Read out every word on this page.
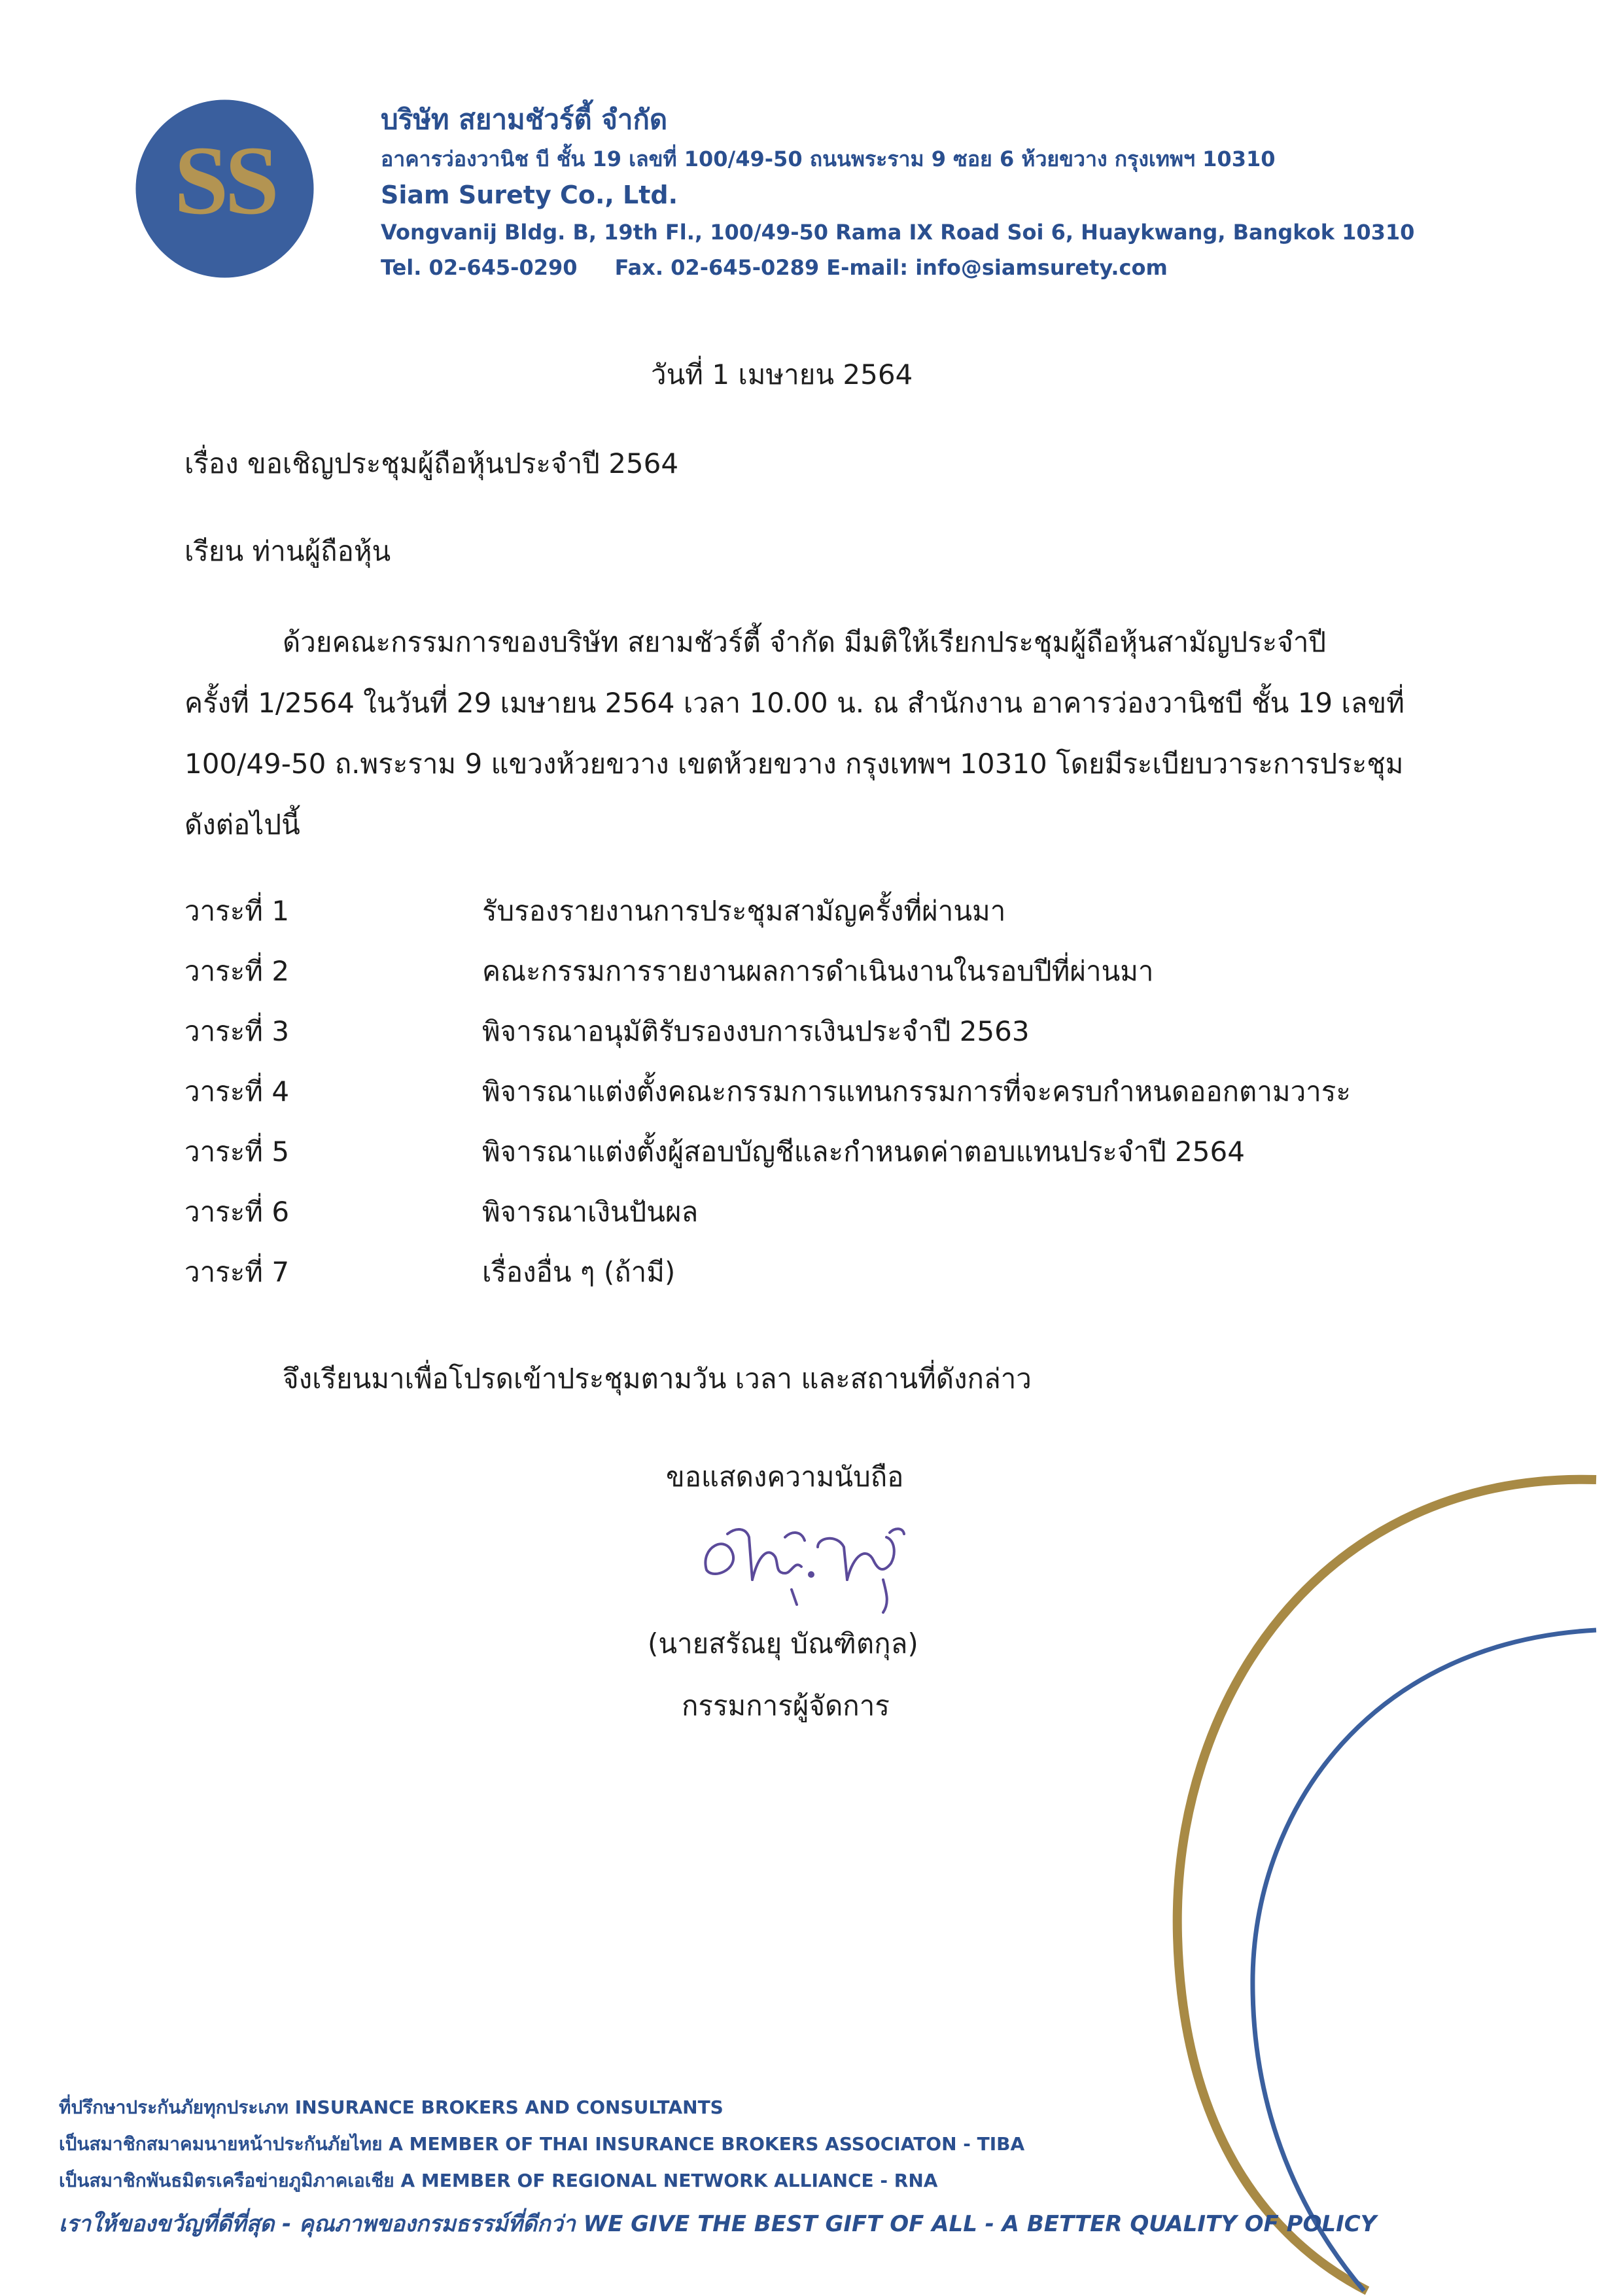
SS
บริษัท สยามชัวร์ตี้ จำกัด
อาคารว่องวานิช บี ชั้น 19 เลขที่ 100/49-50 ถนนพระราม 9 ซอย 6 ห้วยขวาง กรุงเทพฯ 10310
Siam Surety Co., Ltd.
Vongvanij Bldg. B, 19th Fl., 100/49-50 Rama IX Road Soi 6, Huaykwang, Bangkok 10310
Tel. 02-645-0290 Fax. 02-645-0289 E-mail: info@siamsurety.com
วันที่ 1 เมษายน 2564
เรื่อง ขอเชิญประชุมผู้ถือหุ้นประจำปี 2564
เรียน ท่านผู้ถือหุ้น
ด้วยคณะกรรมการของบริษัท สยามชัวร์ตี้ จำกัด มีมติให้เรียกประชุมผู้ถือหุ้นสามัญประจำปี
ครั้งที่ 1/2564 ในวันที่ 29 เมษายน 2564 เวลา 10.00 น. ณ สำนักงาน อาคารว่องวานิชบี ชั้น 19 เลขที่
100/49-50 ถ.พระราม 9 แขวงห้วยขวาง เขตห้วยขวาง กรุงเทพฯ 10310 โดยมีระเบียบวาระการประชุม
ดังต่อไปนี้
วาระที่ 1	รับรองรายงานการประชุมสามัญครั้งที่ผ่านมา
วาระที่ 2	คณะกรรมการรายงานผลการดำเนินงานในรอบปีที่ผ่านมา
วาระที่ 3	พิจารณาอนุมัติรับรองงบการเงินประจำปี 2563
วาระที่ 4	พิจารณาแต่งตั้งคณะกรรมการแทนกรรมการที่จะครบกำหนดออกตามวาระ
วาระที่ 5	พิจารณาแต่งตั้งผู้สอบบัญชีและกำหนดค่าตอบแทนประจำปี 2564
วาระที่ 6	พิจารณาเงินปันผล
วาระที่ 7	เรื่องอื่น ๆ (ถ้ามี)
จึงเรียนมาเพื่อโปรดเข้าประชุมตามวัน เวลา และสถานที่ดังกล่าว
ขอแสดงความนับถือ
(นายสรัณยุ บัณฑิตกุล)
กรรมการผู้จัดการ
ที่ปรึกษาประกันภัยทุกประเภท INSURANCE BROKERS AND CONSULTANTS
เป็นสมาชิกสมาคมนายหน้าประกันภัยไทย A MEMBER OF THAI INSURANCE BROKERS ASSOCIATON - TIBA
เป็นสมาชิกพันธมิตรเครือข่ายภูมิภาคเอเชีย A MEMBER OF REGIONAL NETWORK ALLIANCE - RNA
เราให้ของขวัญที่ดีที่สุด - คุณภาพของกรมธรรม์ที่ดีกว่า WE GIVE THE BEST GIFT OF ALL - A BETTER QUALITY OF POLICY
